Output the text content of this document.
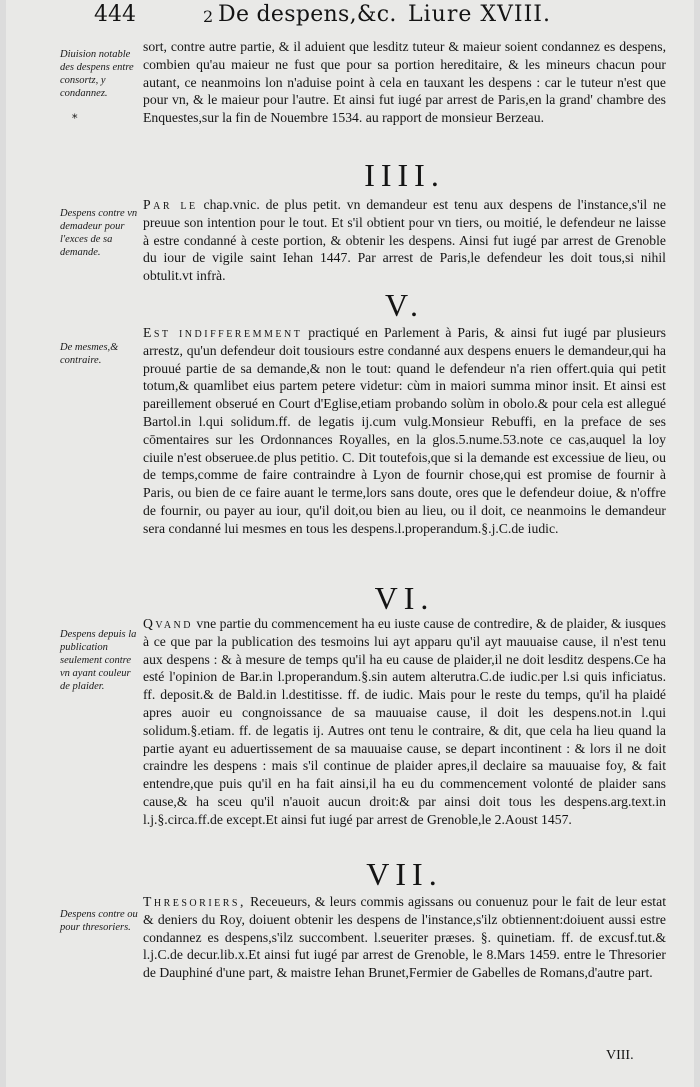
444	2 De despens,&c. Liure XVIII.
Diuision notable des despens entre consortz, y condannez.
*
sort, contre autre partie, & il aduient que lesditz tuteur & maieur soient condannez es despens, combien qu'au maieur ne fust que pour sa portion hereditaire, & les mineurs chacun pour autant, ce neanmoins lon n'aduise point à cela en tauxant les despens : car le tuteur n'est que pour vn, & le maieur pour l'autre. Et ainsi fut iugé par arrest de Paris,en la grand' chambre des Enquestes,sur la fin de Nouembre 1534. au rapport de monsieur Berzeau.
IIII.
Despens contre vn demadeur pour l'exces de sa demande.
Par le chap.vnic. de plus petit. vn demandeur est tenu aux despens de l'instance,s'il ne preuue son intention pour le tout. Et s'il obtient pour vn tiers, ou moitié, le defendeur ne laisse à estre condanné à ceste portion, & obtenir les despens. Ainsi fut iugé par arrest de Grenoble du iour de vigile saint Iehan 1447. Par arrest de Paris,le defendeur les doit tous,si nihil obtulit.vt infrà.
V.
De mesmes,& contraire.
Est indifferemment practiqué en Parlement à Paris, & ainsi fut iugé par plusieurs arrestz, qu'un defendeur doit tousiours estre condanné aux despens enuers le demandeur,qui ha prouué partie de sa demande,& non le tout: quand le defendeur n'a rien offert.quia qui petit totum,& quamlibet eius partem petere videtur: cùm in maiori summa minor insit. Et ainsi est pareillement obserué en Court d'Eglise,etiam probando solùm in obolo.& pour cela est allegué Bartol.in l.qui solidum.ff. de legatis ij.cum vulg.Monsieur Rebuffi, en la preface de ses cōmentaires sur les Ordonnances Royalles, en la glos.5.nume.53.note ce cas,auquel la loy ciuile n'est obseruee.de plus petitio. C. Dit toutefois,que si la demande est excessiue de lieu, ou de temps,comme de faire contraindre à Lyon de fournir chose,qui est promise de fournir à Paris, ou bien de ce faire auant le terme,lors sans doute, ores que le defendeur doiue, & n'offre de fournir, ou payer au iour, qu'il doit,ou bien au lieu, ou il doit, ce neanmoins le demandeur sera condanné lui mesmes en tous les despens.l.properandum.§.j.C.de iudic.
VI.
Despens depuis la publication seulement contre vn ayant couleur de plaider.
Qvand vne partie du commencement ha eu iuste cause de contredire, & de plaider, & iusques à ce que par la publication des tesmoins lui ayt apparu qu'il ayt mauuaise cause, il n'est tenu aux despens : & à mesure de temps qu'il ha eu cause de plaider,il ne doit lesditz despens.Ce ha esté l'opinion de Bar.in l.properandum.§.sin autem alterutra.C.de iudic.per l.si quis inficiatus. ff. deposit.& de Bald.in l.destitisse. ff. de iudic. Mais pour le reste du temps, qu'il ha plaidé apres auoir eu congnoissance de sa mauuaise cause, il doit les despens.not.in l.qui solidum.§.etiam. ff. de legatis ij. Autres ont tenu le contraire, & dit, que cela ha lieu quand la partie ayant eu aduertissement de sa mauuaise cause, se depart incontinent : & lors il ne doit craindre les despens : mais s'il continue de plaider apres,il declaire sa mauuaise foy, & fait entendre,que puis qu'il en ha fait ainsi,il ha eu du commencement volonté de plaider sans cause,& ha sceu qu'il n'auoit aucun droit:& par ainsi doit tous les despens.arg.text.in l.j.§.circa.ff.de except.Et ainsi fut iugé par arrest de Grenoble,le 2.Aoust 1457.
VII.
Despens contre ou pour thresoriers.
Thresoriers, Receueurs, & leurs commis agissans ou conuenuz pour le fait de leur estat & deniers du Roy, doiuent obtenir les despens de l'instance,s'ilz obtiennent:doiuent aussi estre condannez es despens,s'ilz succombent. l.seueriter præses. §. quinetiam. ff. de excusf.tut.& l.j.C.de decur.lib.x.Et ainsi fut iugé par arrest de Grenoble, le 8.Mars 1459. entre le Thresorier de Dauphiné d'une part, & maistre Iehan Brunet,Fermier de Gabelles de Romans,d'autre part.
VIII.
